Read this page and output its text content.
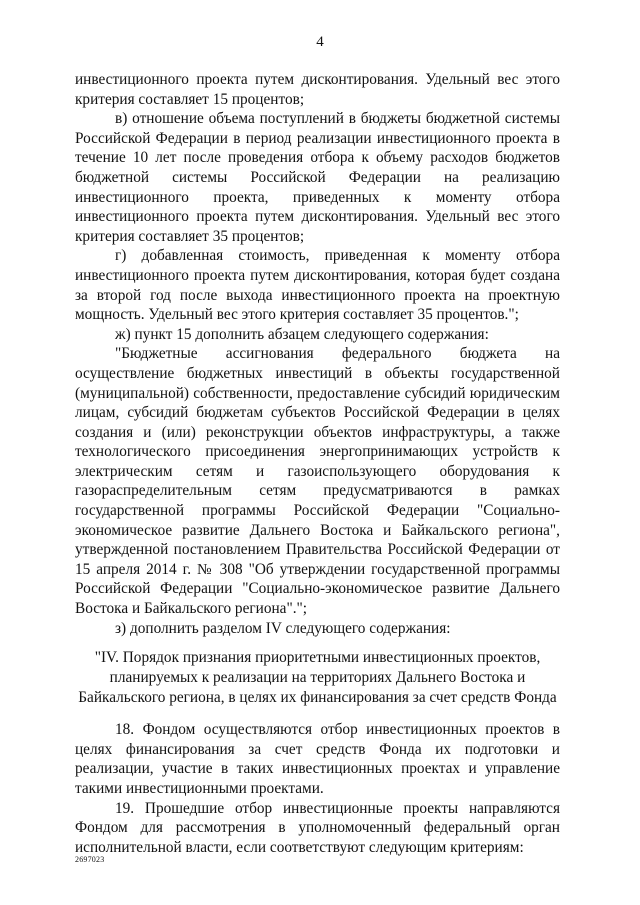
4

инвестиционного проекта путем дисконтирования. Удельный вес этого критерия составляет 15 процентов;

в) отношение объема поступлений в бюджеты бюджетной системы Российской Федерации в период реализации инвестиционного проекта в течение 10 лет после проведения отбора к объему расходов бюджетов бюджетной системы Российской Федерации на реализацию инвестиционного проекта, приведенных к моменту отбора инвестиционного проекта путем дисконтирования. Удельный вес этого критерия составляет 35 процентов;

г) добавленная стоимость, приведенная к моменту отбора инвестиционного проекта путем дисконтирования, которая будет создана за второй год после выхода инвестиционного проекта на проектную мощность. Удельный вес этого критерия составляет 35 процентов.";

ж) пункт 15 дополнить абзацем следующего содержания:

"Бюджетные ассигнования федерального бюджета на осуществление бюджетных инвестиций в объекты государственной (муниципальной) собственности, предоставление субсидий юридическим лицам, субсидий бюджетам субъектов Российской Федерации в целях создания и (или) реконструкции объектов инфраструктуры, а также технологического присоединения энергопринимающих устройств к электрическим сетям и газоиспользующего оборудования к газораспределительным сетям предусматриваются в рамках государственной программы Российской Федерации "Социально-экономическое развитие Дальнего Востока и Байкальского региона", утвержденной постановлением Правительства Российской Федерации от 15 апреля 2014 г. № 308 "Об утверждении государственной программы Российской Федерации "Социально-экономическое развитие Дальнего Востока и Байкальского региона".";

з) дополнить разделом IV следующего содержания:

"IV. Порядок признания приоритетными инвестиционных проектов,
планируемых к реализации на территориях Дальнего Востока и
Байкальского региона, в целях их финансирования за счет средств Фонда

18. Фондом осуществляются отбор инвестиционных проектов в целях финансирования за счет средств Фонда их подготовки и реализации, участие в таких инвестиционных проектах и управление такими инвестиционными проектами.

19. Прошедшие отбор инвестиционные проекты направляются Фондом для рассмотрения в уполномоченный федеральный орган исполнительной власти, если соответствуют следующим критериям:

2697023
